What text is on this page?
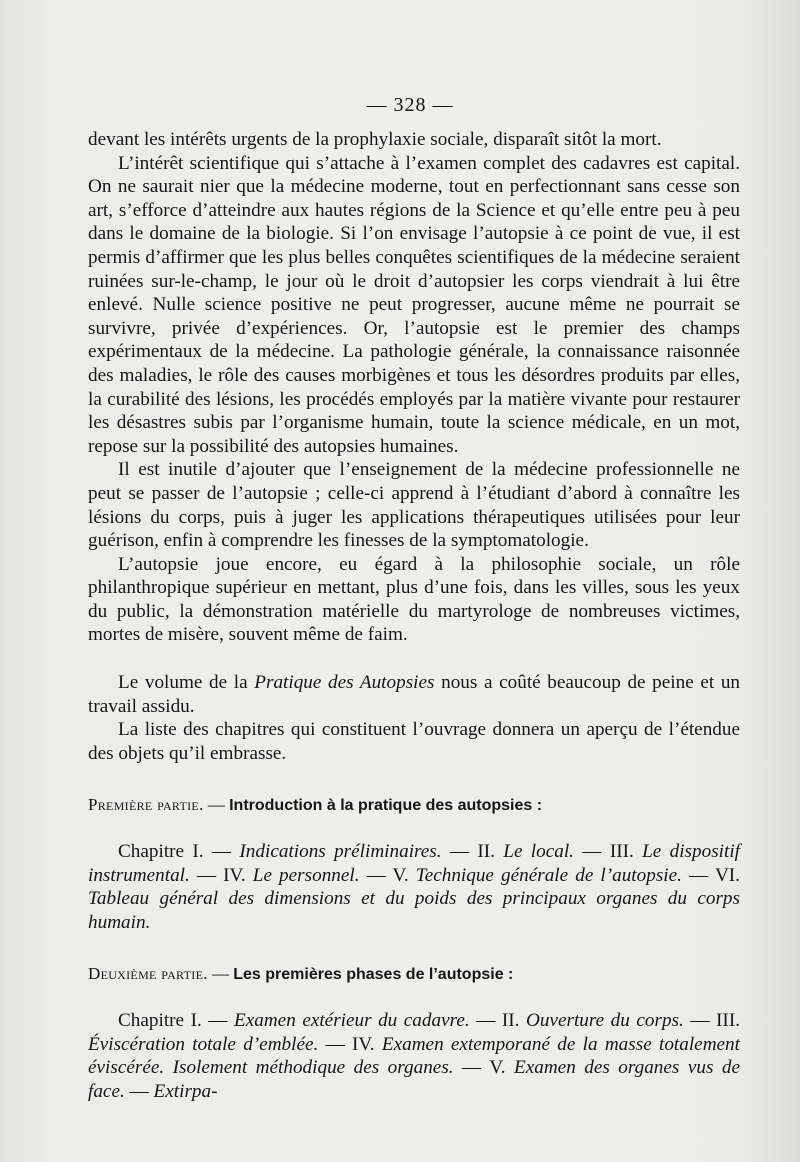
— 328 —

devant les intérêts urgents de la prophylaxie sociale, disparaît sitôt la mort.

L’intérêt scientifique qui s’attache à l’examen complet des cadavres est capital. On ne saurait nier que la médecine moderne, tout en perfectionnant sans cesse son art, s’efforce d’atteindre aux hautes régions de la Science et qu’elle entre peu à peu dans le domaine de la biologie. Si l’on envisage l’autopsie à ce point de vue, il est permis d’affirmer que les plus belles conquêtes scientifiques de la médecine seraient ruinées sur-le-champ, le jour où le droit d’autopsier les corps viendrait à lui être enlevé. Nulle science positive ne peut progresser, aucune même ne pourrait se survivre, privée d’expériences. Or, l’autopsie est le premier des champs expérimentaux de la médecine. La pathologie générale, la connaissance raisonnée des maladies, le rôle des causes morbigènes et tous les désordres produits par elles, la curabilité des lésions, les procédés employés par la matière vivante pour restaurer les désastres subis par l’organisme humain, toute la science médicale, en un mot, repose sur la possibilité des autopsies humaines.

Il est inutile d’ajouter que l’enseignement de la médecine professionnelle ne peut se passer de l’autopsie ; celle-ci apprend à l’étudiant d’abord à connaître les lésions du corps, puis à juger les applications thérapeutiques utilisées pour leur guérison, enfin à comprendre les finesses de la symptomatologie.

L’autopsie joue encore, eu égard à la philosophie sociale, un rôle philanthropique supérieur en mettant, plus d’une fois, dans les villes, sous les yeux du public, la démonstration matérielle du martyrologe de nombreuses victimes, mortes de misère, souvent même de faim.

Le volume de la Pratique des Autopsies nous a coûté beaucoup de peine et un travail assidu.

La liste des chapitres qui constituent l’ouvrage donnera un aperçu de l’étendue des objets qu’il embrasse.

Première partie. — Introduction à la pratique des autopsies :

Chapitre I. — Indications préliminaires. — II. Le local. — III. Le dispositif instrumental. — IV. Le personnel. — V. Technique générale de l’autopsie. — VI. Tableau général des dimensions et du poids des principaux organes du corps humain.

Deuxième partie. — Les premières phases de l’autopsie :

Chapitre I. — Examen extérieur du cadavre. — II. Ouverture du corps. — III. Éviscération totale d’emblée. — IV. Examen extemporané de la masse totalement éviscérée. Isolement méthodique des organes. — V. Examen des organes vus de face. — Extirpa-
